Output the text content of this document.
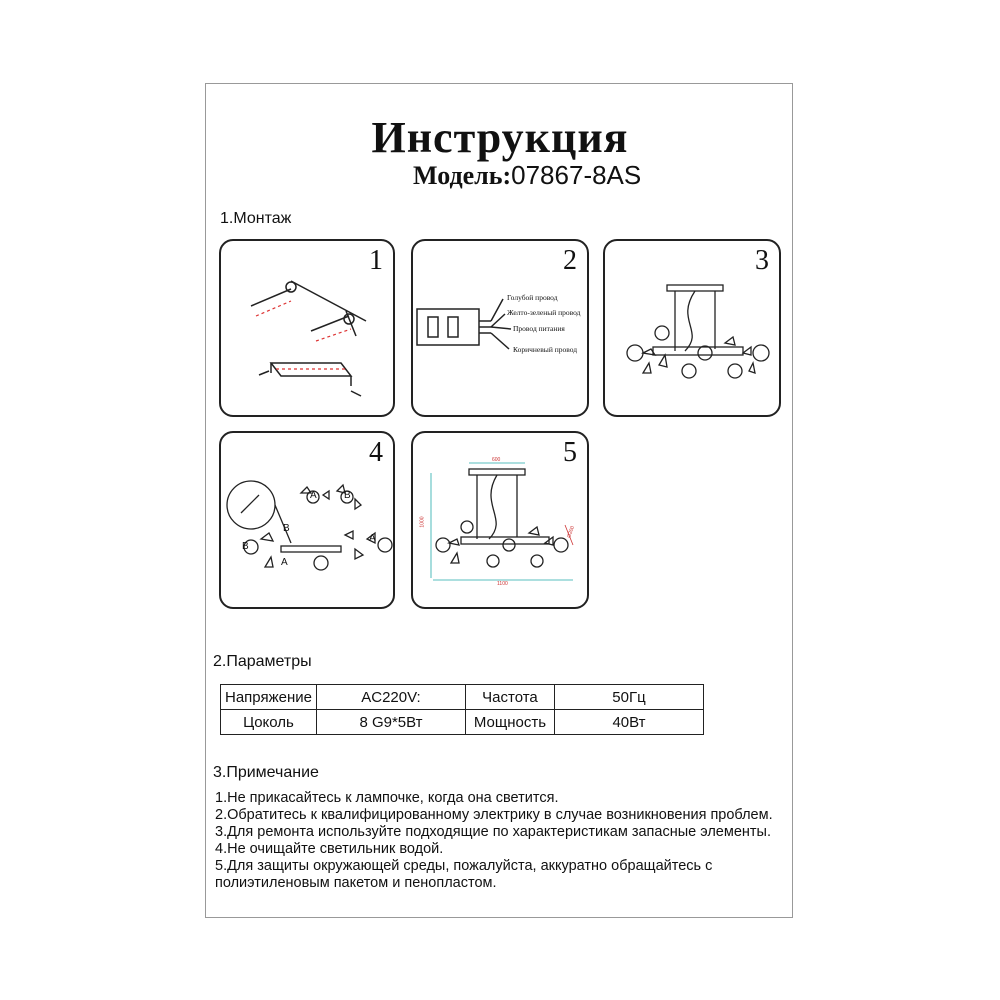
Инструкция
Модель:07867-8AS
1.Монтаж
1	2
Голубой провод
Желто-зеленый провод
Провод питания
Коричневый провод
3
4
A	B
B
B
A
A
5
600
1000
1100
Ø200
2.Параметры
Напряжение	AC220V:	Частота	50Гц
Цоколь	8 G9*5Вт	Мощность	40Вт
3.Примечание
1.Не прикасайтесь к лампочке, когда она светится.
2.Обратитесь к квалифицированному электрику в случае возникновения проблем.
3.Для ремонта используйте подходящие по характеристикам запасные элементы.
4.Не очищайте светильник водой.
5.Для защиты окружающей среды, пожалуйста, аккуратно обращайтесь с
полиэтиленовым пакетом и пенопластом.
